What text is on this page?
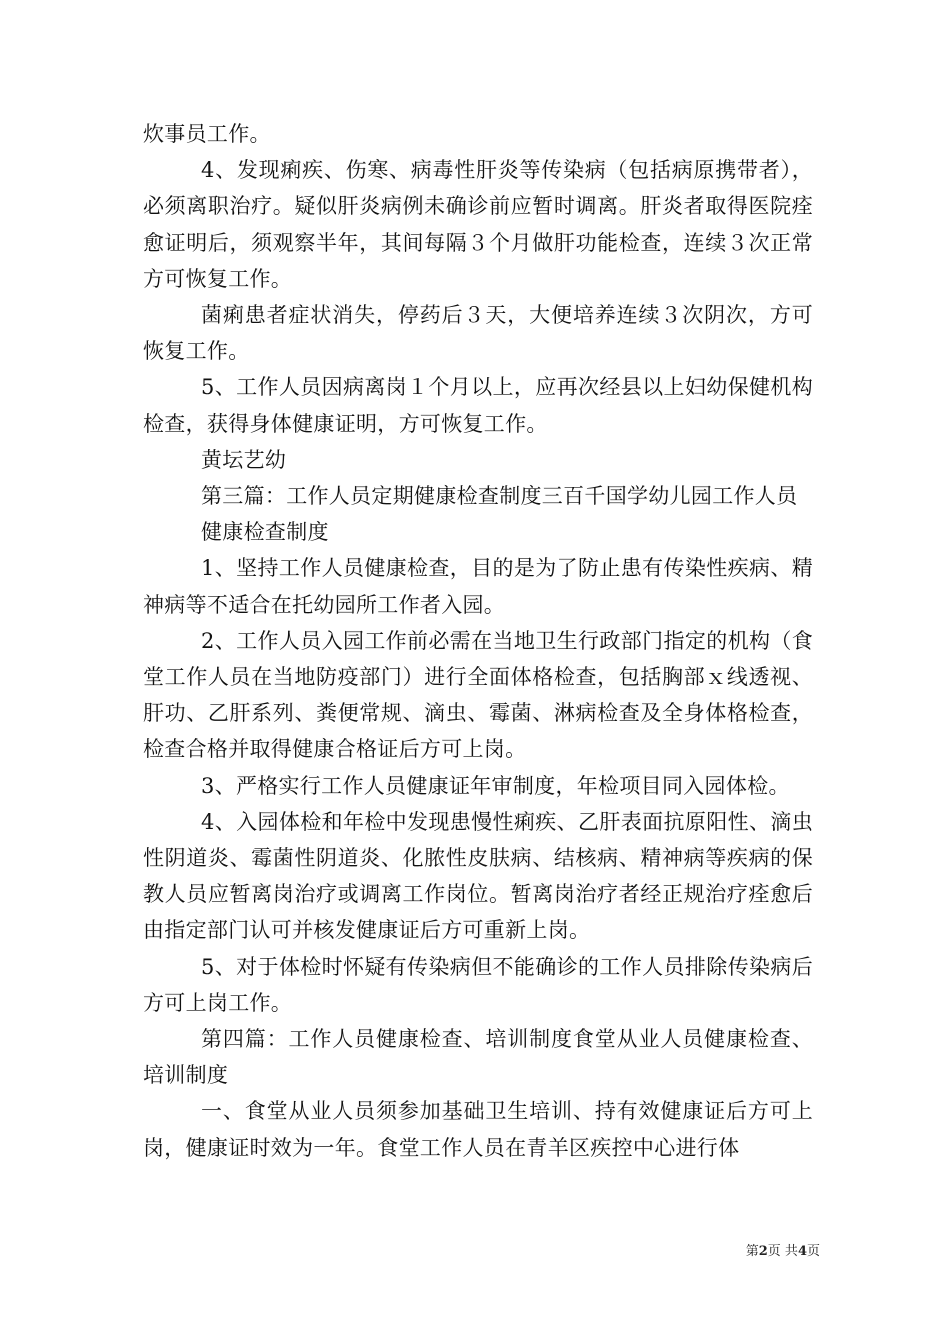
炊事员工作。

4、发现痢疾、伤寒、病毒性肝炎等传染病（包括病原携带者），必须离职治疗。疑似肝炎病例未确诊前应暂时调离。肝炎者取得医院痊愈证明后，须观察半年，其间每隔３个月做肝功能检查，连续３次正常方可恢复工作。

菌痢患者症状消失，停药后３天，大便培养连续３次阴次，方可恢复工作。

5、工作人员因病离岗１个月以上，应再次经县以上妇幼保健机构检查，获得身体健康证明，方可恢复工作。

黄坛艺幼

第三篇：工作人员定期健康检查制度三百千国学幼儿园工作人员

健康检查制度

1、坚持工作人员健康检查，目的是为了防止患有传染性疾病、精神病等不适合在托幼园所工作者入园。

2、工作人员入园工作前必需在当地卫生行政部门指定的机构（食堂工作人员在当地防疫部门）进行全面体格检查，包括胸部ｘ线透视、肝功、乙肝系列、粪便常规、滴虫、霉菌、淋病检查及全身体格检查，检查合格并取得健康合格证后方可上岗。

3、严格实行工作人员健康证年审制度，年检项目同入园体检。

4、入园体检和年检中发现患慢性痢疾、乙肝表面抗原阳性、滴虫性阴道炎、霉菌性阴道炎、化脓性皮肤病、结核病、精神病等疾病的保教人员应暂离岗治疗或调离工作岗位。暂离岗治疗者经正规治疗痊愈后由指定部门认可并核发健康证后方可重新上岗。

5、对于体检时怀疑有传染病但不能确诊的工作人员排除传染病后方可上岗工作。

第四篇：工作人员健康检查、培训制度食堂从业人员健康检查、培训制度

一、食堂从业人员须参加基础卫生培训、持有效健康证后方可上岗，健康证时效为一年。食堂工作人员在青羊区疾控中心进行体

第2页 共4页
